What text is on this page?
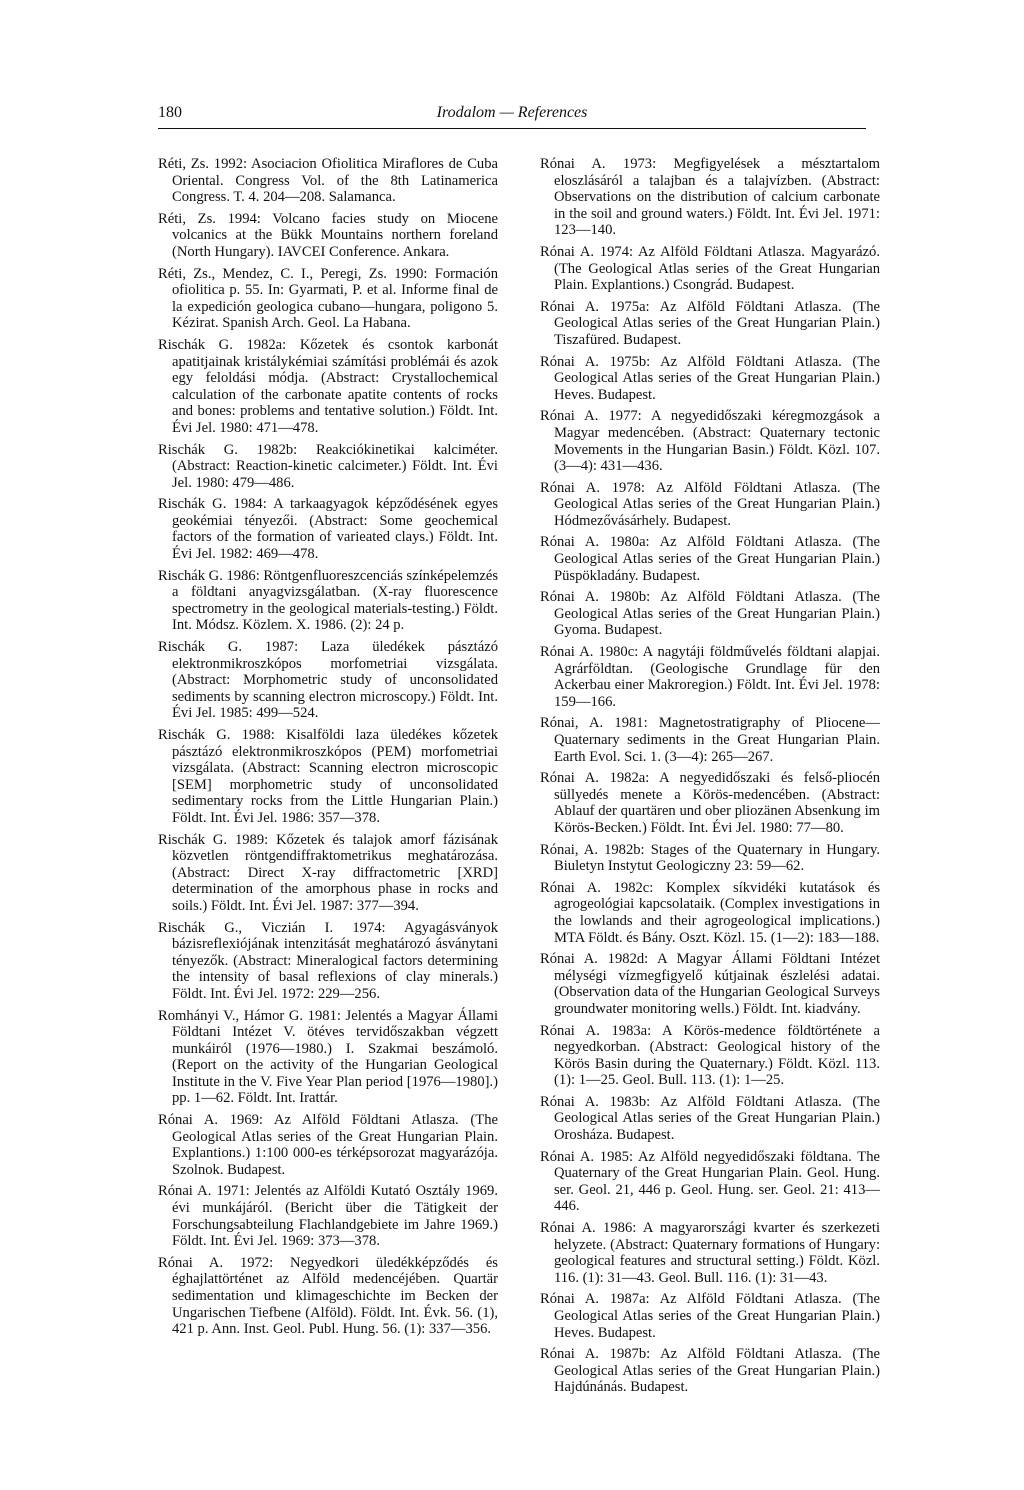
180	Irodalom — References

Réti, Zs. 1992: Asociacion Ofiolitica Miraflores de Cuba Oriental. Congress Vol. of the 8th Latinamerica Congress. T. 4. 204—208. Salamanca.

Réti, Zs. 1994: Volcano facies study on Miocene volcanics at the Bükk Mountains northern foreland (North Hungary). IAVCEI Conference. Ankara.

Réti, Zs., Mendez, C. I., Peregi, Zs. 1990: Formación ofiolitica p. 55. In: Gyarmati, P. et al. Informe final de la expedición geologica cubano—hungara, poligono 5. Kézirat. Spanish Arch. Geol. La Habana.

Rischák G. 1982a: Kőzetek és csontok karbonát apatitjainak kristálykémiai számítási problémái és azok egy feloldási módja. (Abstract: Crystallochemical calculation of the carbonate apatite contents of rocks and bones: problems and tentative solution.) Földt. Int. Évi Jel. 1980: 471—478.

Rischák G. 1982b: Reakciókinetikai kalciméter. (Abstract: Reaction-kinetic calcimeter.) Földt. Int. Évi Jel. 1980: 479—486.

Rischák G. 1984: A tarkaagyagok képződésének egyes geokémiai tényezői. (Abstract: Some geochemical factors of the formation of varieated clays.) Földt. Int. Évi Jel. 1982: 469—478.

Rischák G. 1986: Röntgenfluoreszcenciás színképelemzés a földtani anyagvizsgálatban. (X-ray fluorescence spectrometry in the geological materials-testing.) Földt. Int. Módsz. Közlem. X. 1986. (2): 24 p.

Rischák G. 1987: Laza üledékek pásztázó elektronmikroszkópos morfometriai vizsgálata. (Abstract: Morphometric study of unconsolidated sediments by scanning electron microscopy.) Földt. Int. Évi Jel. 1985: 499—524.

Rischák G. 1988: Kisalföldi laza üledékes kőzetek pásztázó elektronmikroszkópos (PEM) morfometriai vizsgálata. (Abstract: Scanning electron microscopic [SEM] morphometric study of unconsolidated sedimentary rocks from the Little Hungarian Plain.) Földt. Int. Évi Jel. 1986: 357—378.

Rischák G. 1989: Kőzetek és talajok amorf fázisának közvetlen röntgendiffraktometrikus meghatározása. (Abstract: Direct X-ray diffractometric [XRD] determination of the amorphous phase in rocks and soils.) Földt. Int. Évi Jel. 1987: 377—394.

Rischák G., Viczián I. 1974: Agyagásványok bázisreflexiójának intenzitását meghatározó ásványtani tényezők. (Abstract: Mineralogical factors determining the intensity of basal reflexions of clay minerals.) Földt. Int. Évi Jel. 1972: 229—256.

Romhányi V., Hámor G. 1981: Jelentés a Magyar Állami Földtani Intézet V. ötéves tervidőszakban végzett munkáiról (1976—1980.) I. Szakmai beszámoló. (Report on the activity of the Hungarian Geological Institute in the V. Five Year Plan period [1976—1980].) pp. 1—62. Földt. Int. Irattár.

Rónai A. 1969: Az Alföld Földtani Atlasza. (The Geological Atlas series of the Great Hungarian Plain. Explantions.) 1:100 000-es térképsorozat magyarázója. Szolnok. Budapest.

Rónai A. 1971: Jelentés az Alföldi Kutató Osztály 1969. évi munkájáról. (Bericht über die Tätigkeit der Forschungsabteilung Flachlandgebiete im Jahre 1969.) Földt. Int. Évi Jel. 1969: 373—378.

Rónai A. 1972: Negyedkori üledékképződés és éghajlattörténet az Alföld medencéjében. Quartär sedimentation und klimageschichte im Becken der Ungarischen Tiefbene (Alföld). Földt. Int. Évk. 56. (1), 421 p. Ann. Inst. Geol. Publ. Hung. 56. (1): 337—356.

Rónai A. 1973: Megfigyelések a mésztartalom eloszlásáról a talajban és a talajvízben. (Abstract: Observations on the distribution of calcium carbonate in the soil and ground waters.) Földt. Int. Évi Jel. 1971: 123—140.

Rónai A. 1974: Az Alföld Földtani Atlasza. Magyarázó. (The Geological Atlas series of the Great Hungarian Plain. Explantions.) Csongrád. Budapest.

Rónai A. 1975a: Az Alföld Földtani Atlasza. (The Geological Atlas series of the Great Hungarian Plain.) Tiszafüred. Budapest.

Rónai A. 1975b: Az Alföld Földtani Atlasza. (The Geological Atlas series of the Great Hungarian Plain.) Heves. Budapest.

Rónai A. 1977: A negyedidőszaki kéregmozgások a Magyar medencében. (Abstract: Quaternary tectonic Movements in the Hungarian Basin.) Földt. Közl. 107. (3—4): 431—436.

Rónai A. 1978: Az Alföld Földtani Atlasza. (The Geological Atlas series of the Great Hungarian Plain.) Hódmezővásárhely. Budapest.

Rónai A. 1980a: Az Alföld Földtani Atlasza. (The Geological Atlas series of the Great Hungarian Plain.) Püspökladány. Budapest.

Rónai A. 1980b: Az Alföld Földtani Atlasza. (The Geological Atlas series of the Great Hungarian Plain.) Gyoma. Budapest.

Rónai A. 1980c: A nagytáji földművelés földtani alapjai. Agrárföldtan. (Geologische Grundlage für den Ackerbau einer Makroregion.) Földt. Int. Évi Jel. 1978: 159—166.

Rónai, A. 1981: Magnetostratigraphy of Pliocene—Quaternary sediments in the Great Hungarian Plain. Earth Evol. Sci. 1. (3—4): 265—267.

Rónai A. 1982a: A negyedidőszaki és felső-pliocén süllyedés menete a Körös-medencében. (Abstract: Ablauf der quartären und ober pliozänen Absenkung im Körös-Becken.) Földt. Int. Évi Jel. 1980: 77—80.

Rónai, A. 1982b: Stages of the Quaternary in Hungary. Biuletyn Instytut Geologiczny 23: 59—62.

Rónai A. 1982c: Komplex síkvidéki kutatások és agrogeológiai kapcsolataik. (Complex investigations in the lowlands and their agrogeological implications.) MTA Földt. és Bány. Oszt. Közl. 15. (1—2): 183—188.

Rónai A. 1982d: A Magyar Állami Földtani Intézet mélységi vízmegfigyelő kútjainak észlelési adatai. (Observation data of the Hungarian Geological Surveys groundwater monitoring wells.) Földt. Int. kiadvány.

Rónai A. 1983a: A Körös-medence földtörténete a negyedkorban. (Abstract: Geological history of the Körös Basin during the Quaternary.) Földt. Közl. 113. (1): 1—25. Geol. Bull. 113. (1): 1—25.

Rónai A. 1983b: Az Alföld Földtani Atlasza. (The Geological Atlas series of the Great Hungarian Plain.) Orosháza. Budapest.

Rónai A. 1985: Az Alföld negyedidőszaki földtana. The Quaternary of the Great Hungarian Plain. Geol. Hung. ser. Geol. 21, 446 p. Geol. Hung. ser. Geol. 21: 413—446.

Rónai A. 1986: A magyarországi kvarter és szerkezeti helyzete. (Abstract: Quaternary formations of Hungary: geological features and structural setting.) Földt. Közl. 116. (1): 31—43. Geol. Bull. 116. (1): 31—43.

Rónai A. 1987a: Az Alföld Földtani Atlasza. (The Geological Atlas series of the Great Hungarian Plain.) Heves. Budapest.

Rónai A. 1987b: Az Alföld Földtani Atlasza. (The Geological Atlas series of the Great Hungarian Plain.) Hajdúnánás. Budapest.
